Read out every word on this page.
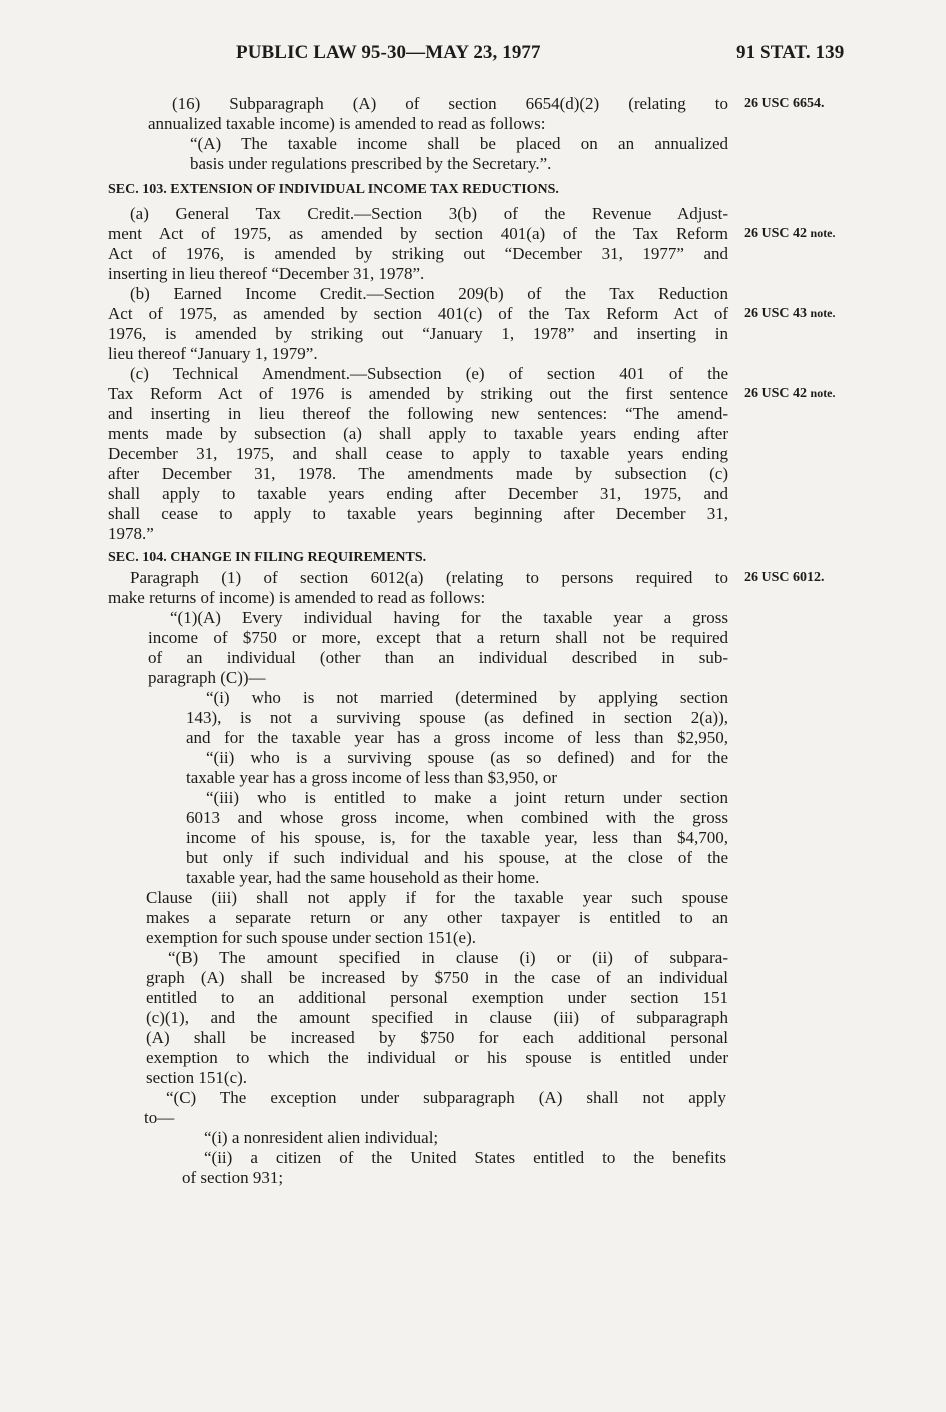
PUBLIC LAW 95-30—MAY 23, 1977	91 STAT. 139
(16) Subparagraph (A) of section 6654(d)(2) (relating to
annualized taxable income) is amended to read as follows:
“(A) The taxable income shall be placed on an annualized
basis under regulations prescribed by the Secretary.”.
SEC. 103. EXTENSION OF INDIVIDUAL INCOME TAX REDUCTIONS.
(a) General Tax Credit.—Section 3(b) of the Revenue Adjust-
ment Act of 1975, as amended by section 401(a) of the Tax Reform
Act of 1976, is amended by striking out “December 31, 1977” and
inserting in lieu thereof “December 31, 1978”.
(b) Earned Income Credit.—Section 209(b) of the Tax Reduction
Act of 1975, as amended by section 401(c) of the Tax Reform Act of
1976, is amended by striking out “January 1, 1978” and inserting in
lieu thereof “January 1, 1979”.
(c) Technical Amendment.—Subsection (e) of section 401 of the
Tax Reform Act of 1976 is amended by striking out the first sentence
and inserting in lieu thereof the following new sentences: “The amend-
ments made by subsection (a) shall apply to taxable years ending after
December 31, 1975, and shall cease to apply to taxable years ending
after December 31, 1978. The amendments made by subsection (c)
shall apply to taxable years ending after December 31, 1975, and
shall cease to apply to taxable years beginning after December 31,
1978.”
SEC. 104. CHANGE IN FILING REQUIREMENTS.
Paragraph (1) of section 6012(a) (relating to persons required to
make returns of income) is amended to read as follows:
“(1)(A) Every individual having for the taxable year a gross
income of $750 or more, except that a return shall not be required
of an individual (other than an individual described in sub-
paragraph (C))—
“(i) who is not married (determined by applying section
143), is not a surviving spouse (as defined in section 2(a)),
and for the taxable year has a gross income of less than $2,950,
“(ii) who is a surviving spouse (as so defined) and for the
taxable year has a gross income of less than $3,950, or
“(iii) who is entitled to make a joint return under section
6013 and whose gross income, when combined with the gross
income of his spouse, is, for the taxable year, less than $4,700,
but only if such individual and his spouse, at the close of the
taxable year, had the same household as their home.
Clause (iii) shall not apply if for the taxable year such spouse
makes a separate return or any other taxpayer is entitled to an
exemption for such spouse under section 151(e).
“(B) The amount specified in clause (i) or (ii) of subpara-
graph (A) shall be increased by $750 in the case of an individual
entitled to an additional personal exemption under section 151
(c)(1), and the amount specified in clause (iii) of subparagraph
(A) shall be increased by $750 for each additional personal
exemption to which the individual or his spouse is entitled under
section 151(c).
“(C) The exception under subparagraph (A) shall not apply
to—
“(i) a nonresident alien individual;
“(ii) a citizen of the United States entitled to the benefits
of section 931;
26 USC 6654.
26 USC 42 note.
26 USC 43 note.
26 USC 42 note.
26 USC 6012.
